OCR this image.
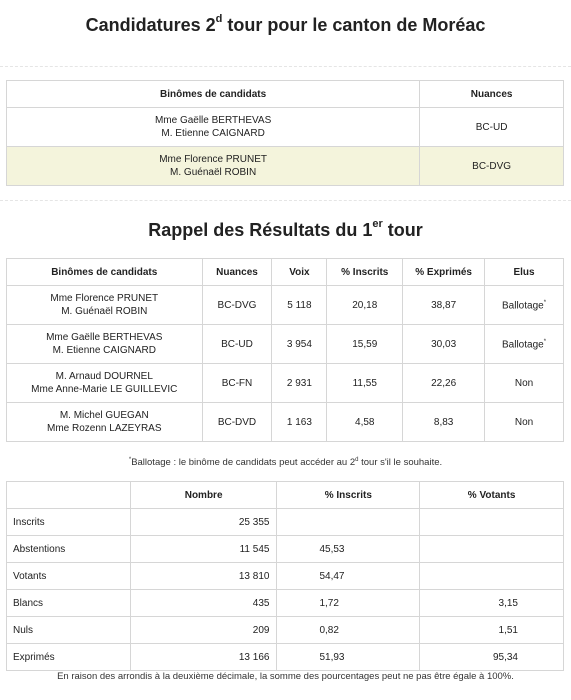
Candidatures 2$^d$ tour pour le canton de Moréac
Binômes de candidats	Nuances
Mme Gaëlle BERTHEVAS
M. Etienne CAIGNARD	BC-UD
Mme Florence PRUNET
M. Guénaël ROBIN	BC-DVG
Rappel des Résultats du 1er tour
Binômes de candidats	Nuances	Voix	% Inscrits	% Exprimés	Elus
Mme Florence PRUNET
M. Guénaël ROBIN	BC-DVG	5 118	20,18	38,87	Ballotage*
Mme Gaëlle BERTHEVAS
M. Etienne CAIGNARD	BC-UD	3 954	15,59	30,03	Ballotage*
M. Arnaud DOURNEL
Mme Anne-Marie LE GUILLEVIC	BC-FN	2 931	11,55	22,26	Non
M. Michel GUEGAN
Mme Rozenn LAZEYRAS	BC-DVD	1 163	4,58	8,83	Non
*Ballotage : le binôme de candidats peut accéder au 2$^d$ tour s'il le souhaite.
	Nombre	% Inscrits	% Votants
Inscrits	25 355		
Abstentions	11 545	45,53	
Votants	13 810	54,47	
Blancs	435	1,72	3,15
Nuls	209	0,82	1,51
Exprimés	13 166	51,93	95,34
En raison des arrondis à la deuxième décimale, la somme des pourcentages peut ne pas être égale à 100%.
